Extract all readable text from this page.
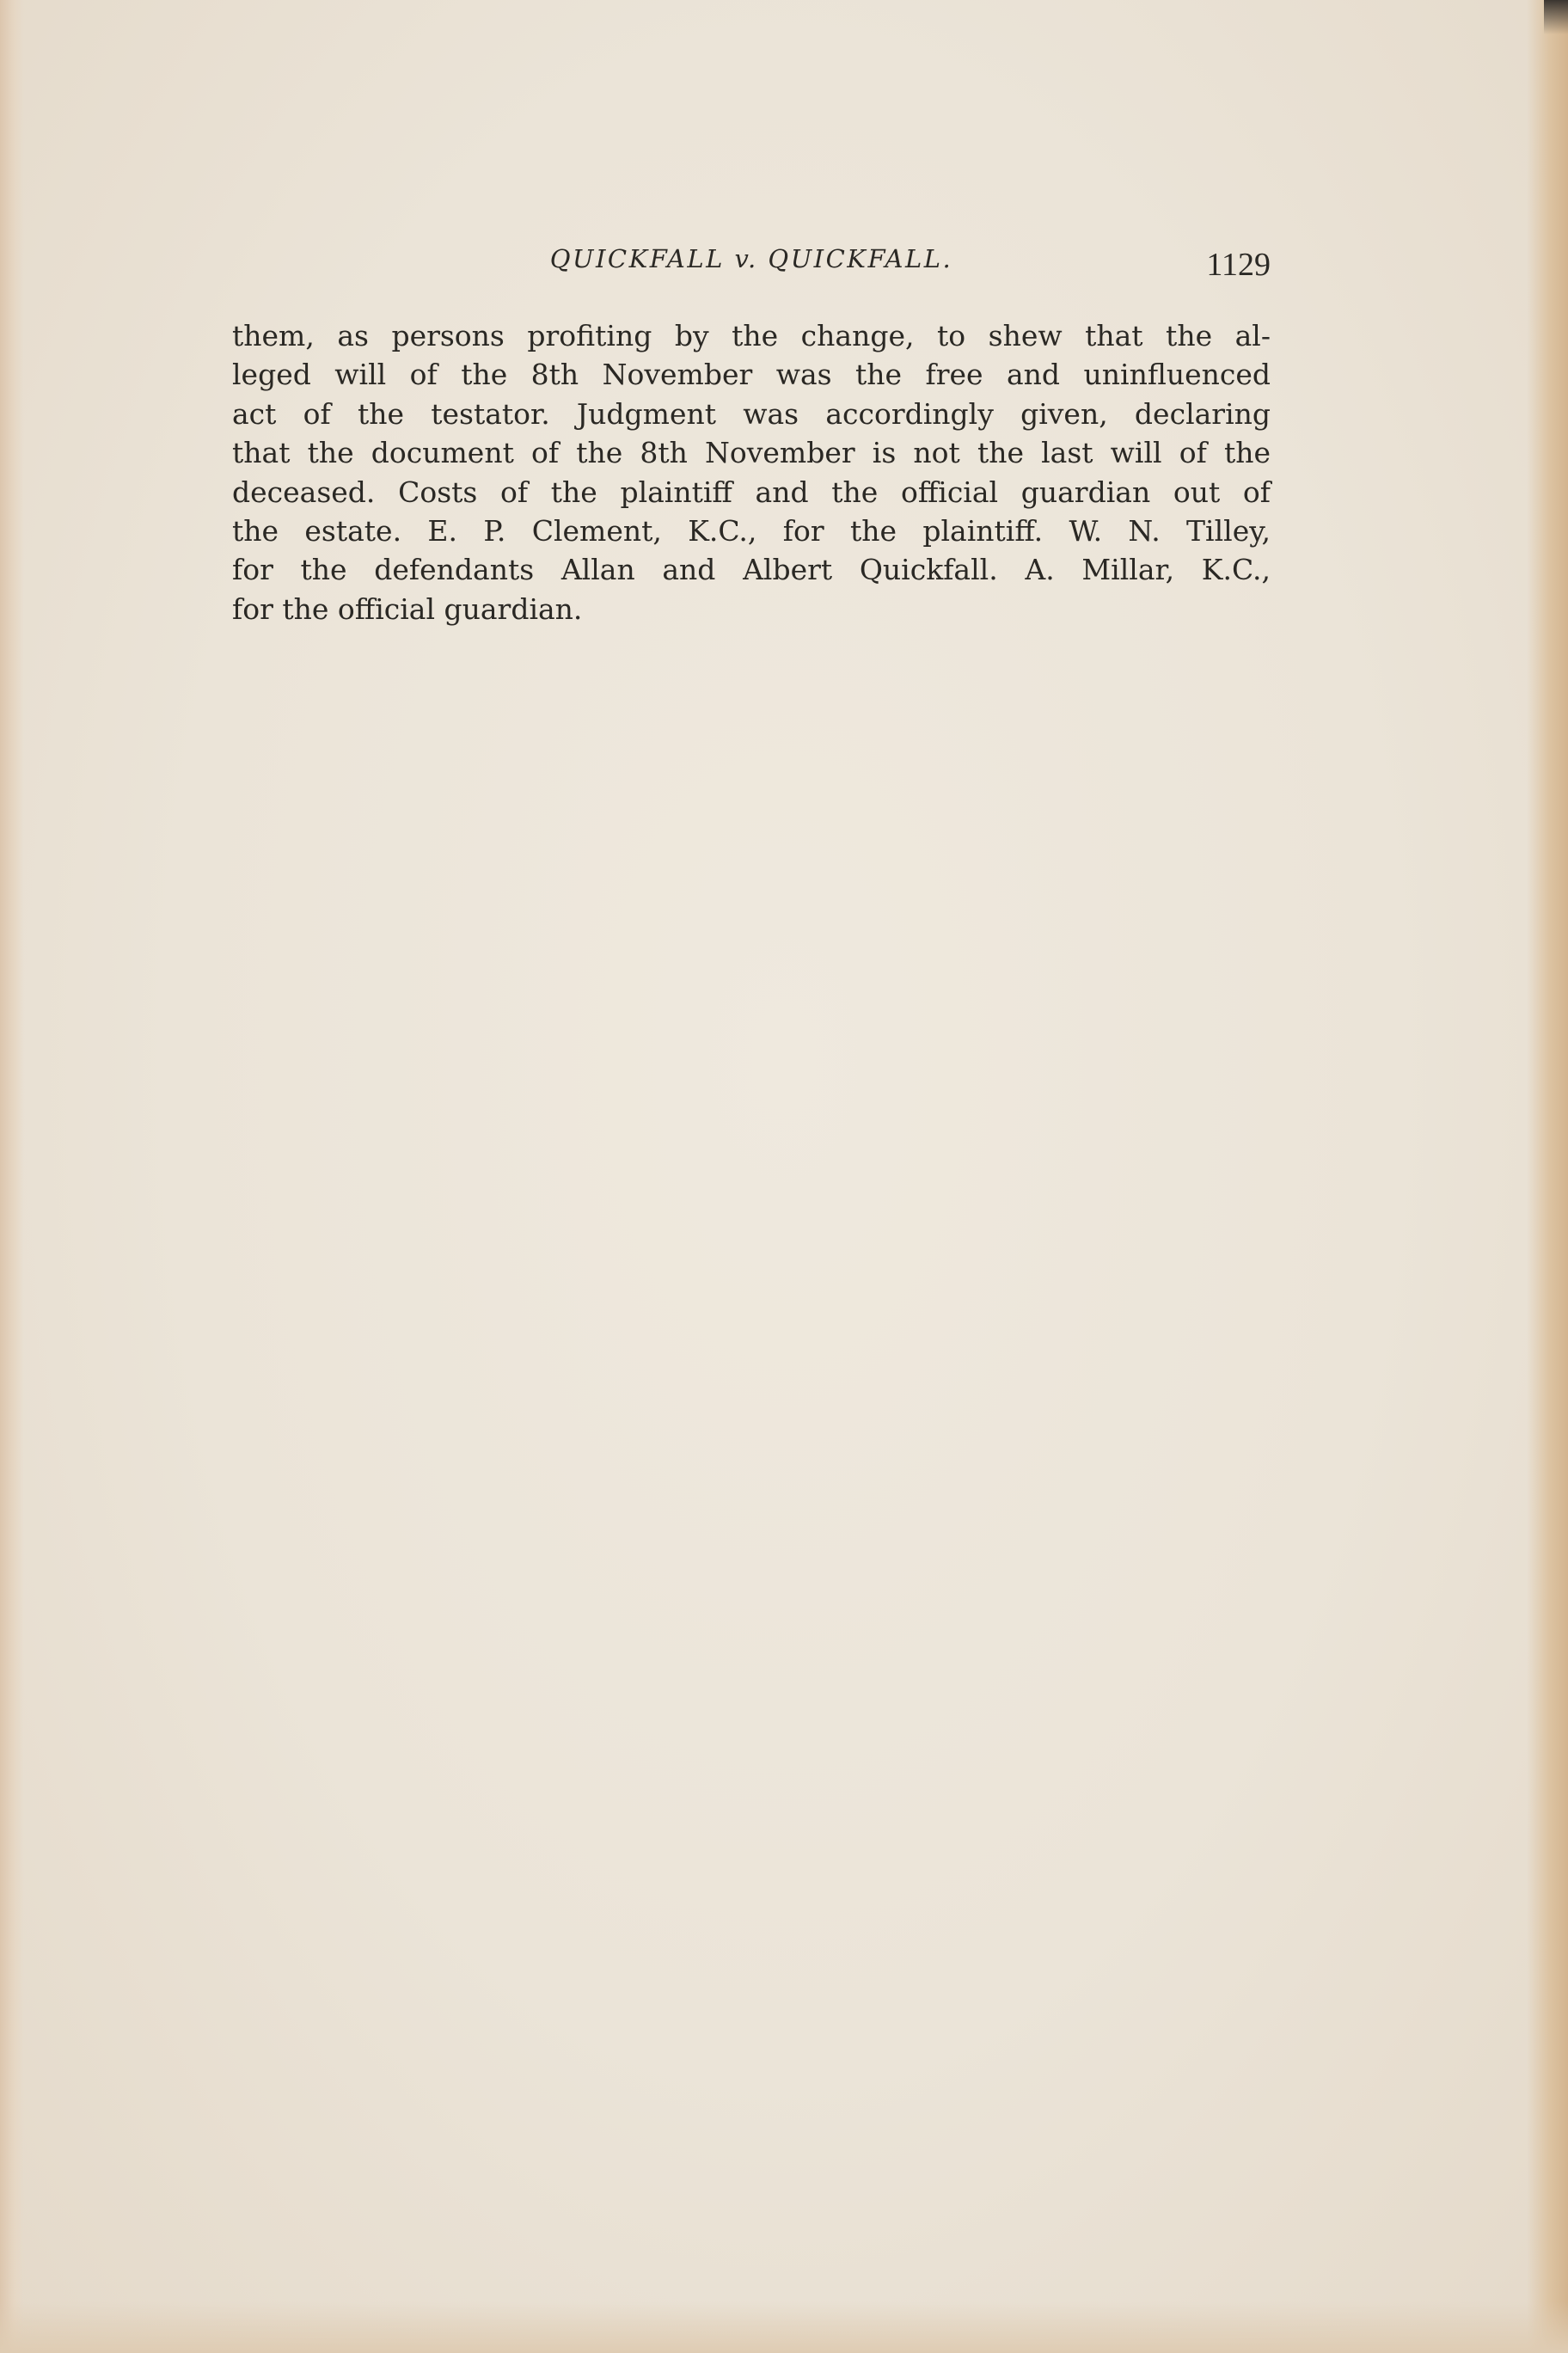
QUICKFALL v. QUICKFALL.	1129
them, as persons profiting by the change, to shew that the al-
leged will of the 8th November was the free and uninfluenced
act of the testator. Judgment was accordingly given, declaring
that the document of the 8th November is not the last will of the
deceased. Costs of the plaintiff and the official guardian out of
the estate. E. P. Clement, K.C., for the plaintiff. W. N. Tilley,
for the defendants Allan and Albert Quickfall. A. Millar, K.C.,
for the official guardian.
